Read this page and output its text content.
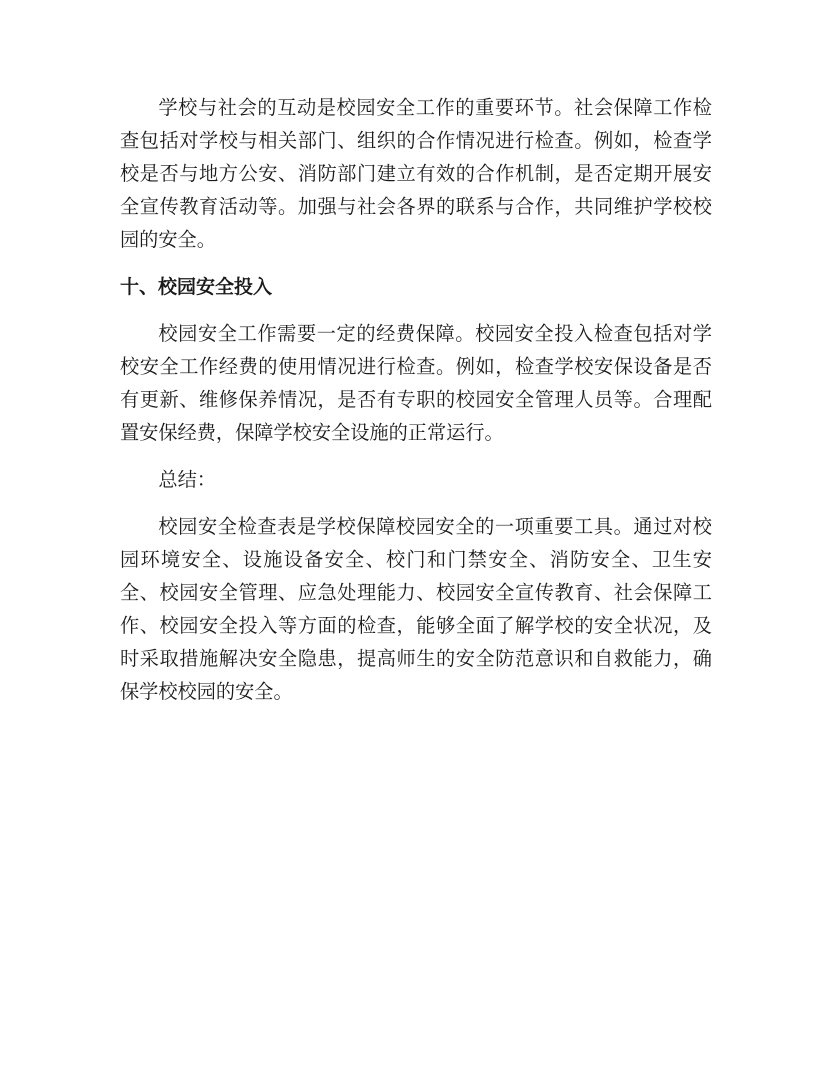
学校与社会的互动是校园安全工作的重要环节。社会保障工作检查包括对学校与相关部门、组织的合作情况进行检查。例如，检查学校是否与地方公安、消防部门建立有效的合作机制，是否定期开展安全宣传教育活动等。加强与社会各界的联系与合作，共同维护学校校园的安全。

十、校园安全投入

校园安全工作需要一定的经费保障。校园安全投入检查包括对学校安全工作经费的使用情况进行检查。例如，检查学校安保设备是否有更新、维修保养情况，是否有专职的校园安全管理人员等。合理配置安保经费，保障学校安全设施的正常运行。

总结：

校园安全检查表是学校保障校园安全的一项重要工具。通过对校园环境安全、设施设备安全、校门和门禁安全、消防安全、卫生安全、校园安全管理、应急处理能力、校园安全宣传教育、社会保障工作、校园安全投入等方面的检查，能够全面了解学校的安全状况，及时采取措施解决安全隐患，提高师生的安全防范意识和自救能力，确保学校校园的安全。
